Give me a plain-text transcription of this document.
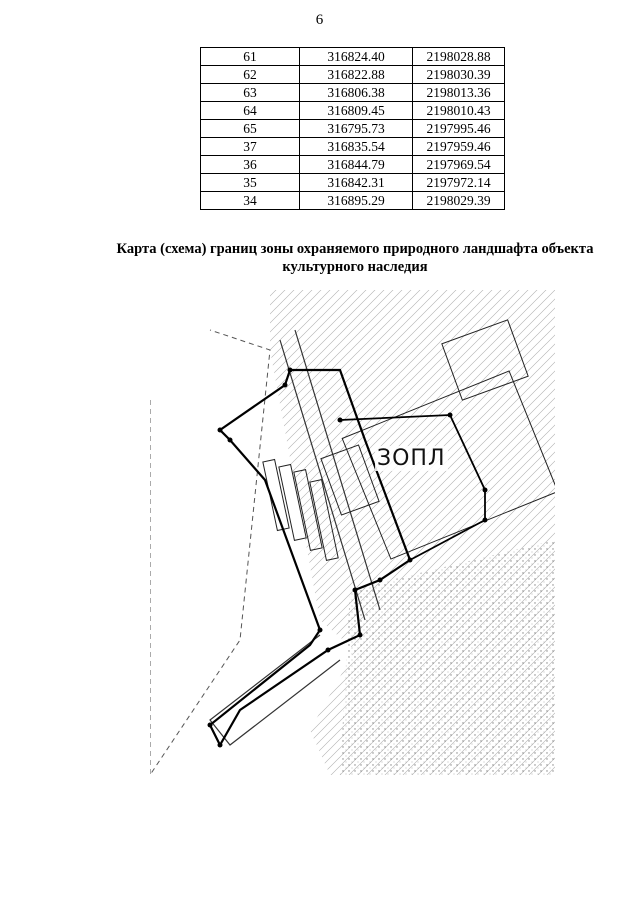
6
61	316824.40	2198028.88
62	316822.88	2198030.39
63	316806.38	2198013.36
64	316809.45	2198010.43
65	316795.73	2197995.46
37	316835.54	2197959.46
36	316844.79	2197969.54
35	316842.31	2197972.14
34	316895.29	2198029.39
Карта (схема) границ зоны охраняемого природного ландшафта объекта
культурного наследия
ЗОПЛ
